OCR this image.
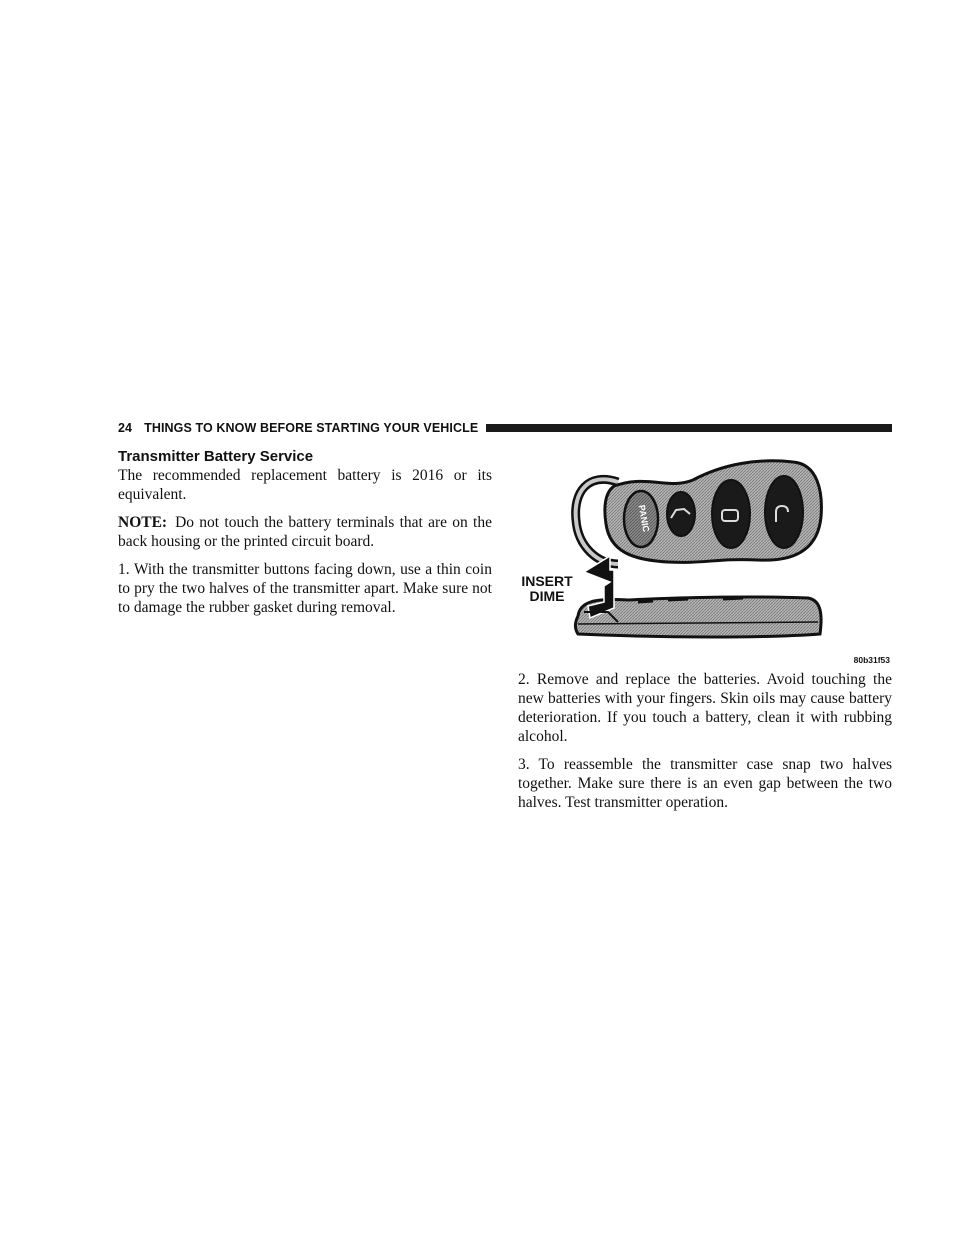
24 THINGS TO KNOW BEFORE STARTING YOUR VEHICLE
Transmitter Battery Service

The recommended replacement battery is 2016 or its equivalent.

NOTE: Do not touch the battery terminals that are on the back housing or the printed circuit board.

1. With the transmitter buttons facing down, use a thin coin to pry the two halves of the transmitter apart. Make sure not to damage the rubber gasket during removal.

PANIC
INSERT
DIME
80b31f53

2. Remove and replace the batteries. Avoid touching the new batteries with your fingers. Skin oils may cause battery deterioration. If you touch a battery, clean it with rubbing alcohol.

3. To reassemble the transmitter case snap two halves together. Make sure there is an even gap between the two halves. Test transmitter operation.
